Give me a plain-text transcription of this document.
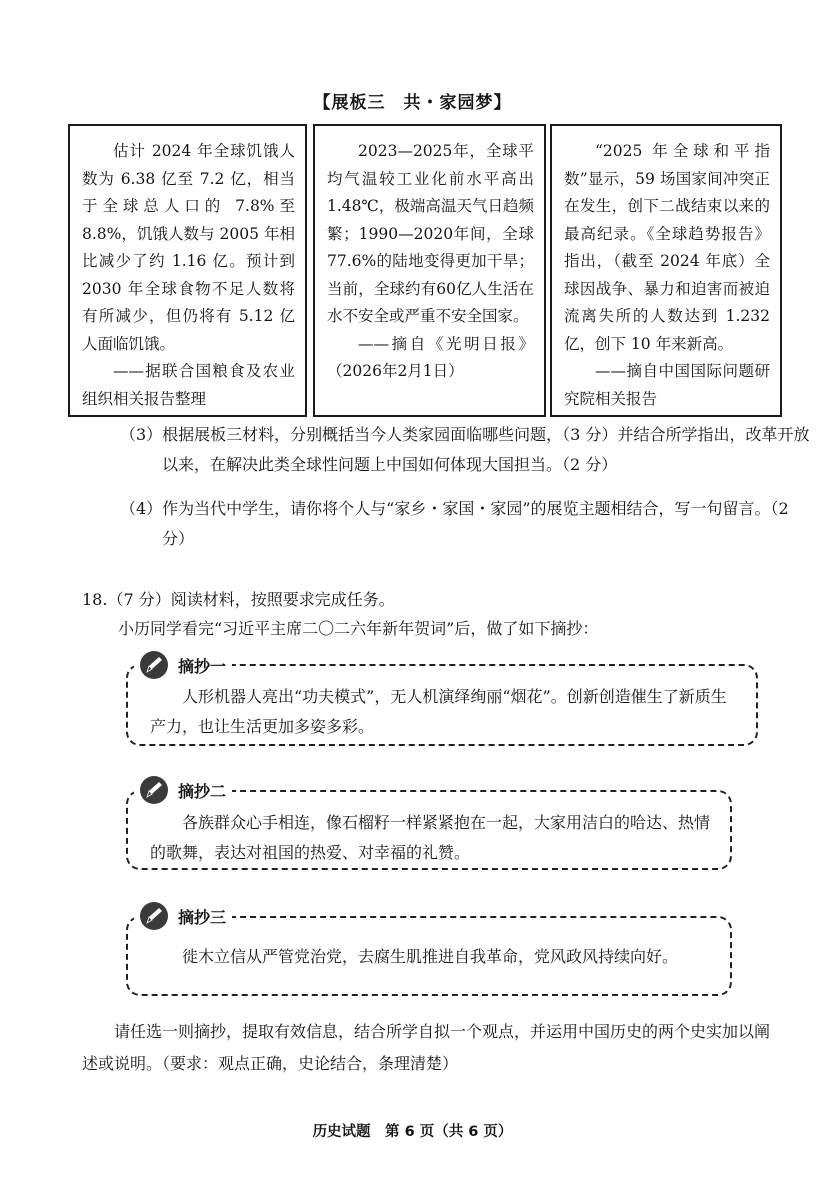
【展板三　共・家园梦】

估计 2024 年全球饥饿人数为 6.38 亿至 7.2 亿，相当于全球总人口的 7.8%至 8.8%，饥饿人数与 2005 年相比减少了约 1.16 亿。预计到 2030 年全球食物不足人数将有所减少，但仍将有 5.12 亿人面临饥饿。

——据联合国粮食及农业组织相关报告整理

2023—2025年，全球平均气温较工业化前水平高出1.48℃，极端高温天气日趋频繁；1990—2020年间，全球77.6%的陆地变得更加干旱；当前，全球约有60亿人生活在水不安全或严重不安全国家。

——摘自《光明日报》（2026年2月1日）

“2025 年全球和平指数”显示，59 场国家间冲突正在发生，创下二战结束以来的最高纪录。《全球趋势报告》指出，（截至 2024 年底）全球因战争、暴力和迫害而被迫流离失所的人数达到 1.232 亿，创下 10 年来新高。

——摘自中国国际问题研究院相关报告

（3）根据展板三材料，分别概括当今人类家园面临哪些问题，（3 分）并结合所学指出，改革开放以来，在解决此类全球性问题上中国如何体现大国担当。（2 分）
（4）作为当代中学生，请你将个人与“家乡・家国・家园”的展览主题相结合，写一句留言。（2 分）
18.（7 分）阅读材料，按照要求完成任务。
小历同学看完“习近平主席二〇二六年新年贺词”后，做了如下摘抄：
人形机器人亮出“功夫模式”，无人机演绎绚丽“烟花”。创新创造催生了新质生产力，也让生活更加多姿多彩。
摘抄一
各族群众心手相连，像石榴籽一样紧紧抱在一起，大家用洁白的哈达、热情的歌舞，表达对祖国的热爱、对幸福的礼赞。
摘抄二
徙木立信从严管党治党，去腐生肌推进自我革命，党风政风持续向好。
摘抄三
请任选一则摘抄，提取有效信息，结合所学自拟一个观点，并运用中国历史的两个史实加以阐述或说明。（要求：观点正确，史论结合，条理清楚）
历史试题　第 6 页（共 6 页）
